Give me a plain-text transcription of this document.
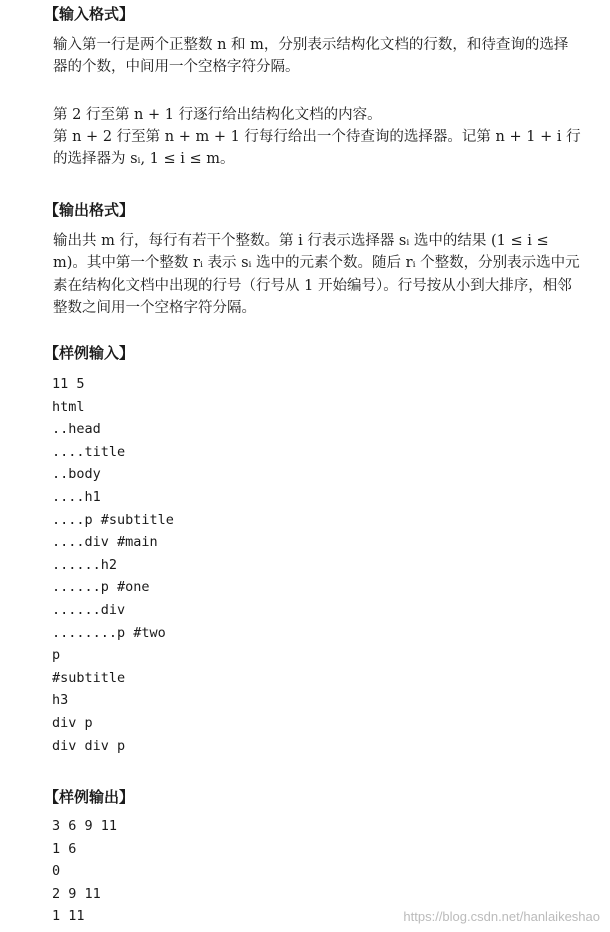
【输入格式】
输入第一行是两个正整数 n 和 m，分别表示结构化文档的行数，和待查询的选择器的个数，中间用一个空格字符分隔。
第 2 行至第 n + 1 行逐行给出结构化文档的内容。
第 n + 2 行至第 n + m + 1 行每行给出一个待查询的选择器。记第 n + 1 + i 行的选择器为 sᵢ, 1 ≤ i ≤ m。
【输出格式】
输出共 m 行，每行有若干个整数。第 i 行表示选择器 sᵢ 选中的结果 (1 ≤ i ≤ m)。其中第一个整数 rᵢ 表示 sᵢ 选中的元素个数。随后 rᵢ 个整数，分别表示选中元素在结构化文档中出现的行号（行号从 1 开始编号）。行号按从小到大排序，相邻整数之间用一个空格字符分隔。
【样例输入】
11 5
html
..head
....title
..body
....h1
....p #subtitle
....div #main
......h2
......p #one
......div
........p #two
p
#subtitle
h3
div p
div div p
【样例输出】
3 6 9 11
1 6
0
2 9 11
1 11	https://blog.csdn.net/hanlaikeshao
